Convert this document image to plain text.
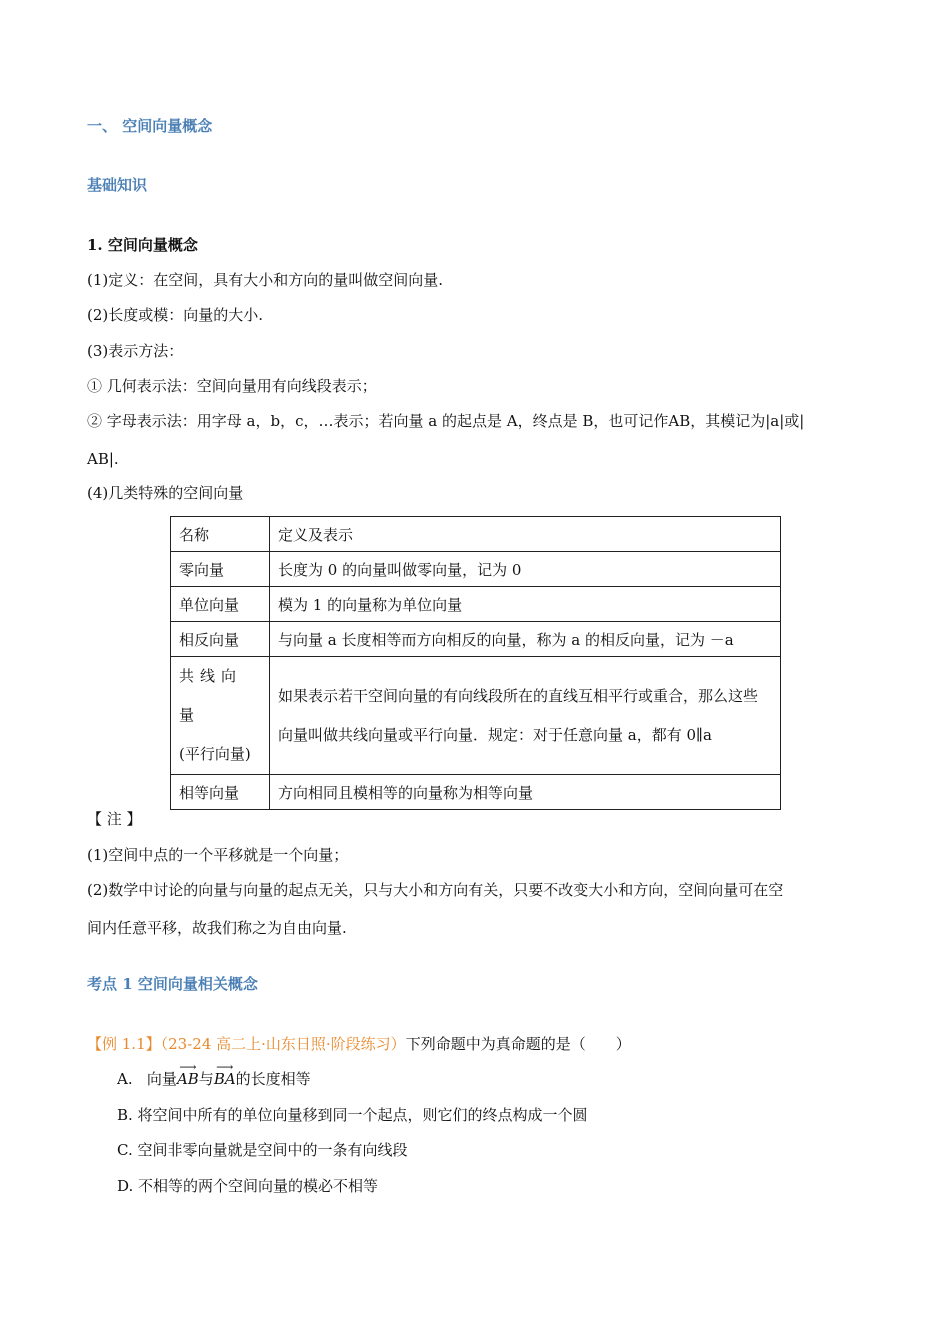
一、 空间向量概念
基础知识
1. 空间向量概念
(1)定义：在空间，具有大小和方向的量叫做空间向量.
(2)长度或模：向量的大小.
(3)表示方法：
① 几何表示法：空间向量用有向线段表示；
② 字母表示法：用字母 a，b，c，…表示；若向量 a 的起点是 A，终点是 B，也可记作AB，其模记为|a|或|
AB|.
(4)几类特殊的空间向量
名称	定义及表示
零向量	长度为 0 的向量叫做零向量，记为 0
单位向量	模为 1 的向量称为单位向量
相反向量	与向量 a 长度相等而方向相反的向量，称为 a 的相反向量，记为 －a

共线向量
(平行向量)	如果表示若干空间向量的有向线段所在的直线互相平行或重合，那么这些向量叫做共线向量或平行向量．规定：对于任意向量 a，都有 0∥a
相等向量	方向相同且模相等的向量称为相等向量
【 注 】
(1)空间中点的一个平移就是一个向量；
(2)数学中讨论的向量与向量的起点无关，只与大小和方向有关，只要不改变大小和方向，空间向量可在空
间内任意平移，故我们称之为自由向量.
考点 1 空间向量相关概念
【例 1.1】（23-24 高二上·山东日照·阶段练习）下列命题中为真命题的是（　　）
A. 向量
⟶
AB与
⟶
BA的长度相等
B. 将空间中所有的单位向量移到同一个起点，则它们的终点构成一个圆
C. 空间非零向量就是空间中的一条有向线段
D. 不相等的两个空间向量的模必不相等
